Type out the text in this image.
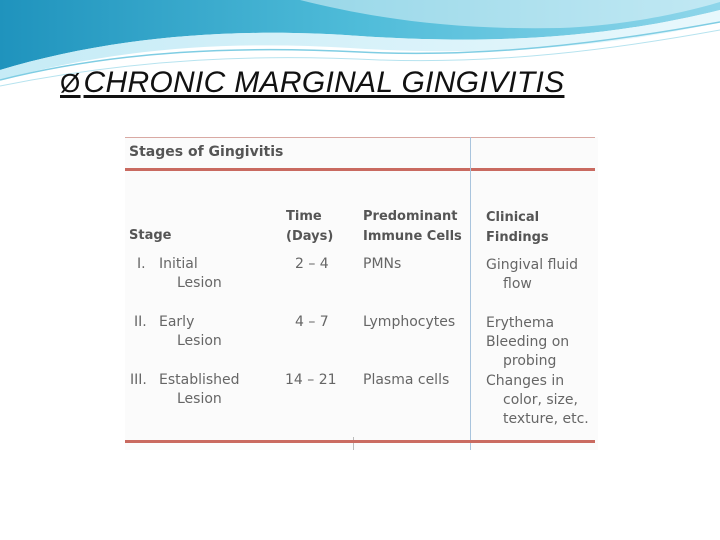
Ø CHRONIC MARGINAL GINGIVITIS
Stages of Gingivitis
Stage
Time
(Days)
Predominant
Immune Cells
Clinical
Findings
I. Initial
Lesion
2 – 4 PMNs	Gingival fluid
flow
II. Early
Lesion
4 – 7 Lymphocytes Erythema
Bleeding on
probing
III. Established
Lesion
14 – 21 Plasma cells	Changes in
color, size,
texture, etc.
